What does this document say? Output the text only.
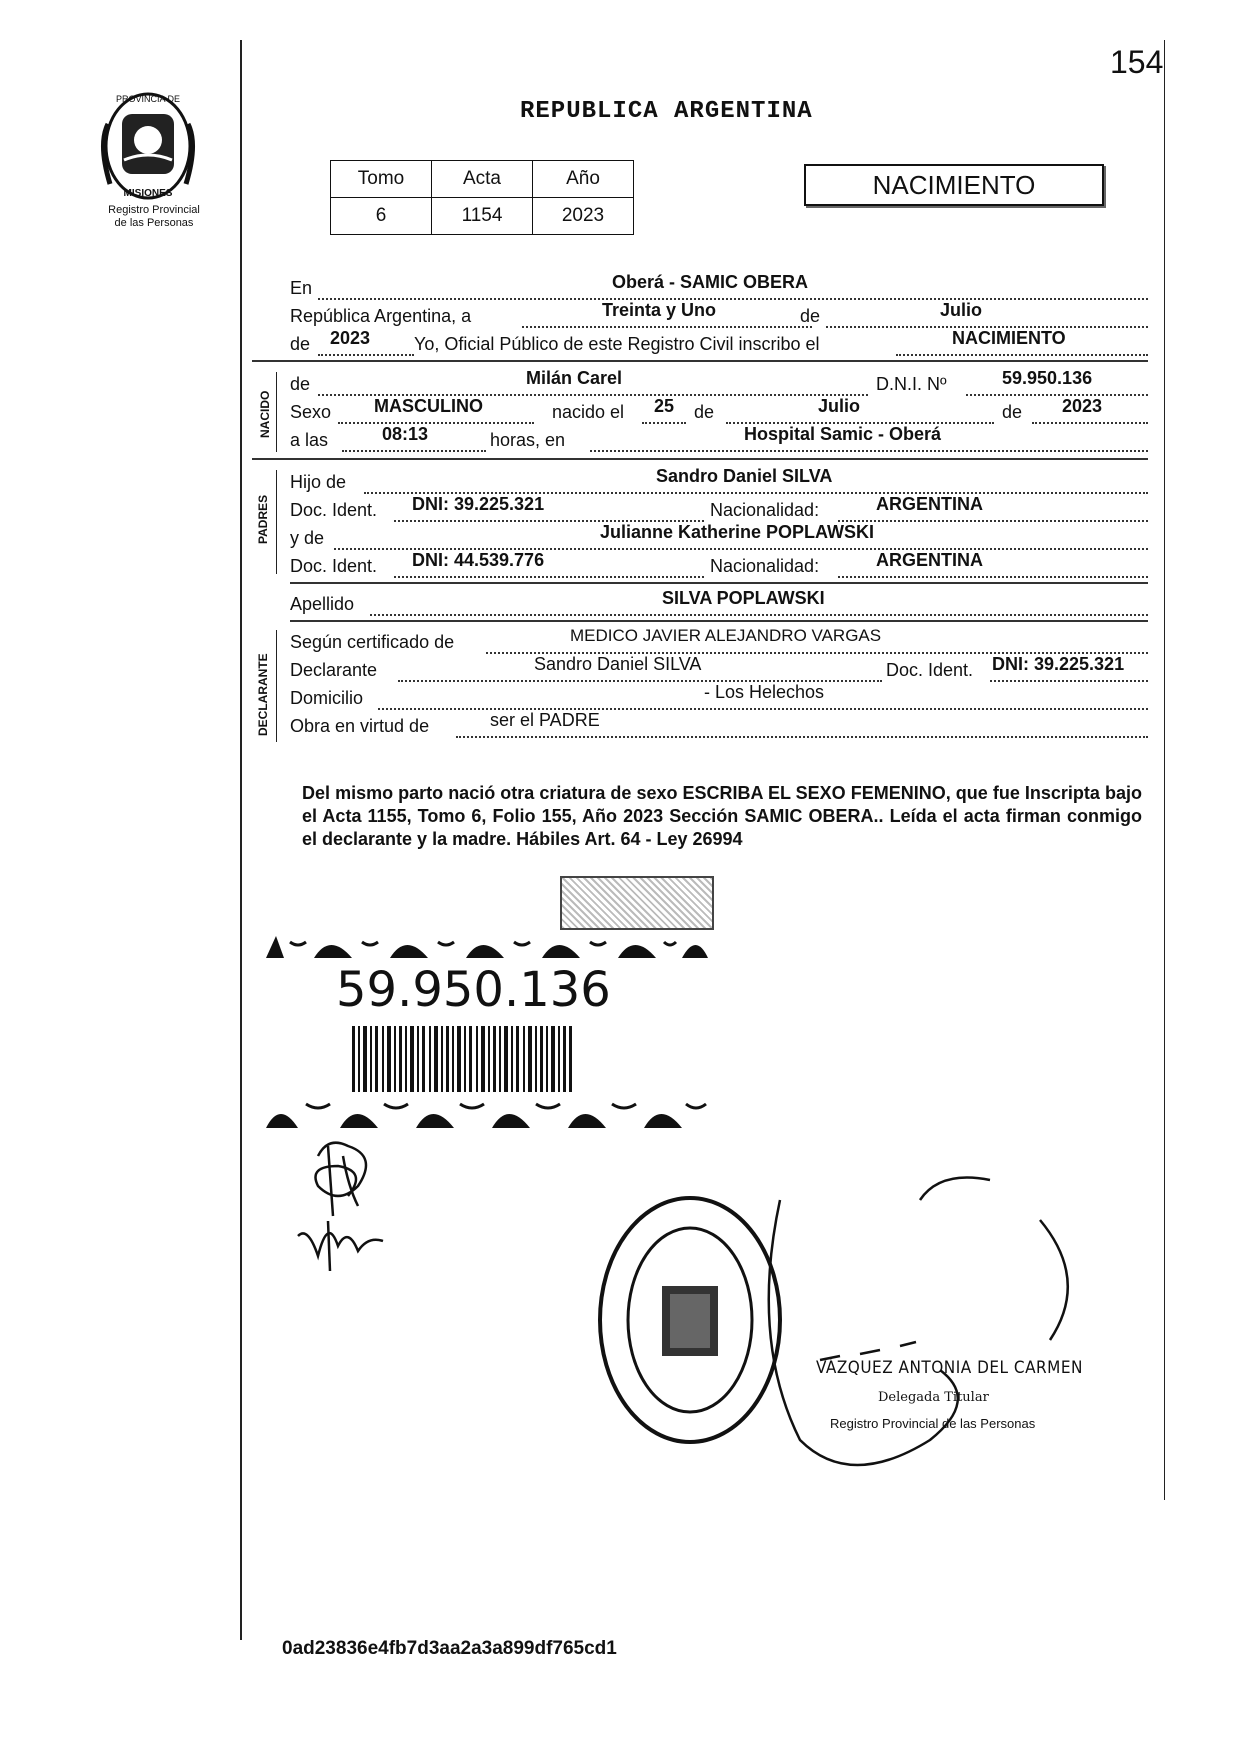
154
REPUBLICA ARGENTINA
PROVINCIA DE
MISIONES
Registro Provincial
de las Personas
Tomo	Acta	Año
6	1154	2023
NACIMIENTO
En	Oberá - SAMIC OBERA
República Argentina, a	Treinta y Uno	de	Julio
de 2023 Yo, Oficial Público de este Registro Civil inscribo el	NACIMIENTO
NACIDO
de	Milán Carel	D.N.I. Nº	59.950.136
Sexo MASCULINO	nacido el 25 de	Julio	de 2023
a las	08:13	horas, en	Hospital Samic - Oberá
PADRES
Hijo de	Sandro Daniel SILVA
Doc. Ident. DNI: 39.225.321	Nacionalidad:	ARGENTINA
y de	Julianne Katherine POPLAWSKI
Doc. Ident. DNI: 44.539.776	Nacionalidad:	ARGENTINA
Apellido	SILVA POPLAWSKI
DECLARANTE
Según certificado de	MEDICO JAVIER ALEJANDRO VARGAS
Declarante	Sandro Daniel SILVA	Doc. Ident. DNI: 39.225.321
Domicilio	- Los Helechos
Obra en virtud de	ser el PADRE
Del mismo parto nació otra criatura de sexo ESCRIBA EL SEXO FEMENINO, que fue Inscripta bajo el Acta 1155, Tomo 6, Folio 155, Año 2023 Sección SAMIC OBERA.. Leída el acta firman conmigo el declarante y la madre. Hábiles Art. 64 - Ley 26994
59.950.136
VÁZQUEZ ANTONIA DEL CARMEN
Delegada Titular
Registro Provincial de las Personas
0ad23836e4fb7d3aa2a3a899df765cd1
